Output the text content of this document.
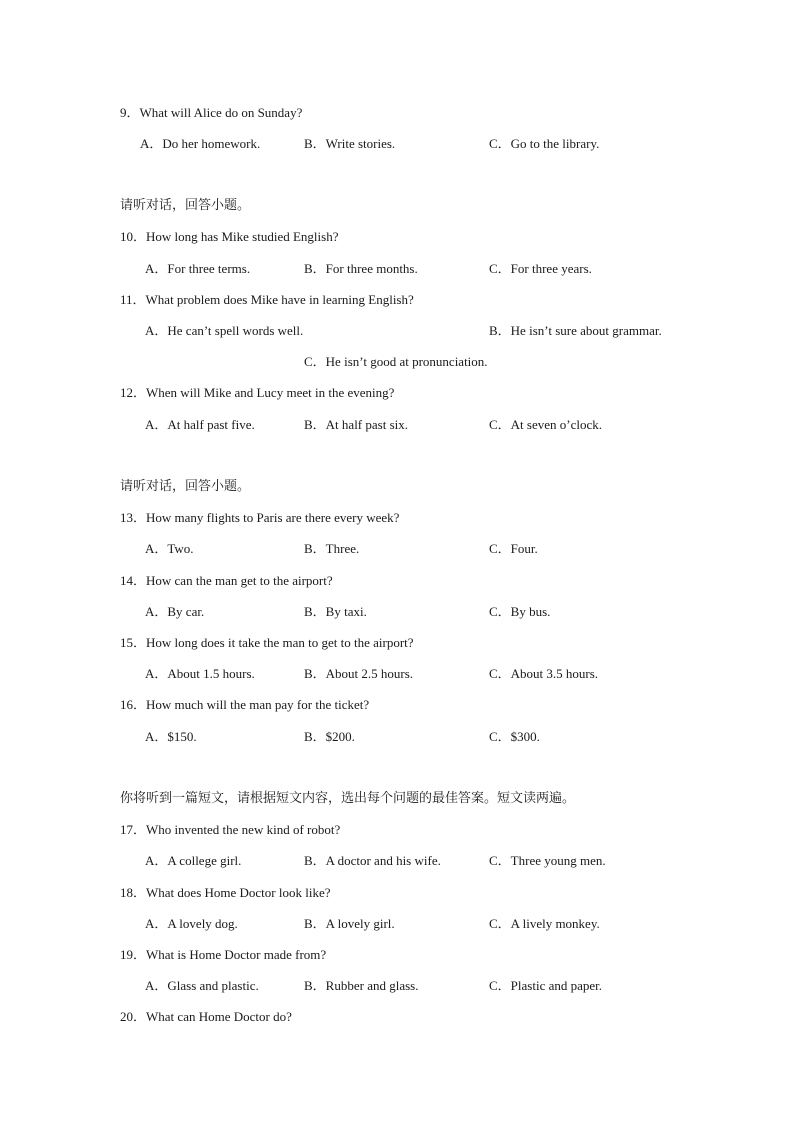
9．What will Alice do on Sunday?
A．Do her homework.	B．Write stories.	C．Go to the library.
请听对话，回答小题。
10．How long has Mike studied English?
A．For three terms.	B．For three months.	C．For three years.
11．What problem does Mike have in learning English?
A．He can’t spell words well.	B．He isn’t sure about grammar.
C．He isn’t good at pronunciation.
12．When will Mike and Lucy meet in the evening?
A．At half past five.	B．At half past six.	C．At seven o’clock.
请听对话，回答小题。
13．How many flights to Paris are there every week?
A．Two.	B．Three.	C．Four.
14．How can the man get to the airport?
A．By car.	B．By taxi.	C．By bus.
15．How long does it take the man to get to the airport?
A．About 1.5 hours.	B．About 2.5 hours.	C．About 3.5 hours.
16．How much will the man pay for the ticket?
A．$150.	B．$200.	C．$300.
你将听到一篇短文，请根据短文内容，选出每个问题的最佳答案。短文读两遍。
17．Who invented the new kind of robot?
A．A college girl.	B．A doctor and his wife.	C．Three young men.
18．What does Home Doctor look like?
A．A lovely dog.	B．A lovely girl.	C．A lively monkey.
19．What is Home Doctor made from?
A．Glass and plastic.	B．Rubber and glass.	C．Plastic and paper.
20．What can Home Doctor do?
